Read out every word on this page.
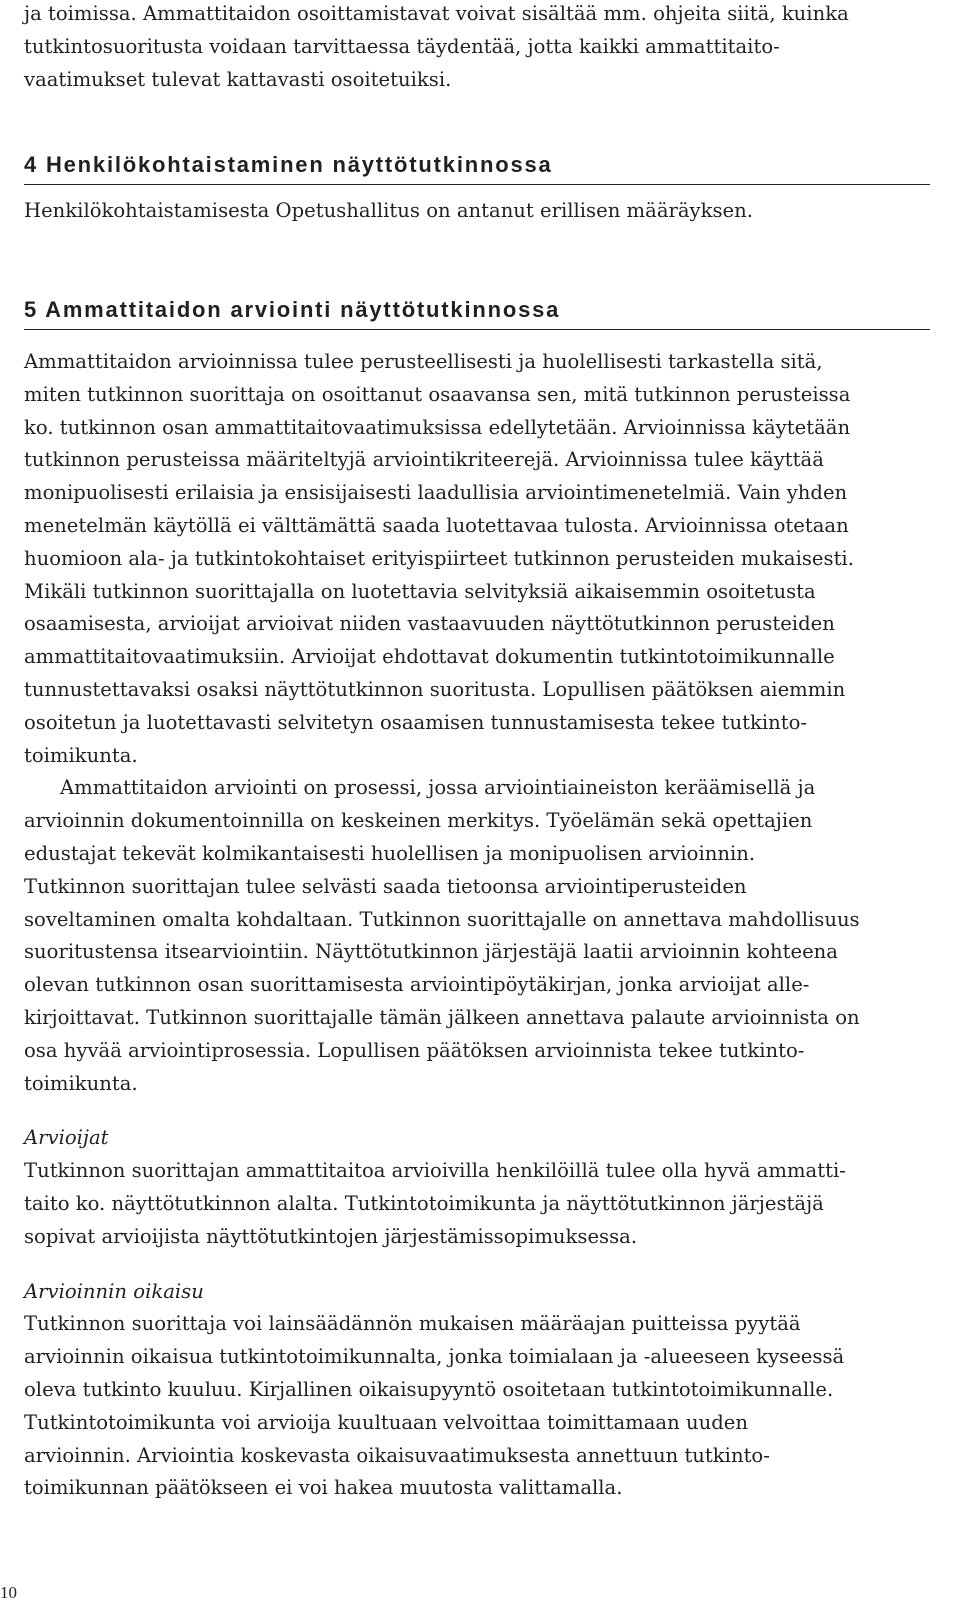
ja toimissa. Ammattitaidon osoittamistavat voivat sisältää mm. ohjeita siitä, kuinka

tutkintosuoritusta voidaan tarvittaessa täydentää, jotta kaikki ammattitaito-

vaatimukset tulevat kattavasti osoitetuiksi.

4 Henkilökohtaistaminen näyttötutkinnossa

Henkilökohtaistamisesta Opetushallitus on antanut erillisen määräyksen.

5 Ammattitaidon arviointi näyttötutkinnossa

Ammattitaidon arvioinnissa tulee perusteellisesti ja huolellisesti tarkastella sitä,

miten tutkinnon suorittaja on osoittanut osaavansa sen, mitä tutkinnon perusteissa

ko. tutkinnon osan ammattitaitovaatimuksissa edellytetään. Arvioinnissa käytetään

tutkinnon perusteissa määriteltyjä arviointikriteerejä. Arvioinnissa tulee käyttää

monipuolisesti erilaisia ja ensisijaisesti laadullisia arviointimenetelmiä. Vain yhden

menetelmän käytöllä ei välttämättä saada luotettavaa tulosta. Arvioinnissa otetaan

huomioon ala- ja tutkintokohtaiset erityispiirteet tutkinnon perusteiden mukaisesti.

Mikäli tutkinnon suorittajalla on luotettavia selvityksiä aikaisemmin osoitetusta

osaamisesta, arvioijat arvioivat niiden vastaavuuden näyttötutkinnon perusteiden

ammattitaitovaatimuksiin. Arvioijat ehdottavat dokumentin tutkintotoimikunnalle

tunnustettavaksi osaksi näyttötutkinnon suoritusta. Lopullisen päätöksen aiemmin

osoitetun ja luotettavasti selvitetyn osaamisen tunnustamisesta tekee tutkinto-

toimikunta.

Ammattitaidon arviointi on prosessi, jossa arviointiaineiston keräämisellä ja

arvioinnin dokumentoinnilla on keskeinen merkitys. Työelämän sekä opettajien

edustajat tekevät kolmikantaisesti huolellisen ja monipuolisen arvioinnin.

Tutkinnon suorittajan tulee selvästi saada tietoonsa arviointiperusteiden

soveltaminen omalta kohdaltaan. Tutkinnon suorittajalle on annettava mahdollisuus

suoritustensa itsearviointiin. Näyttötutkinnon järjestäjä laatii arvioinnin kohteena

olevan tutkinnon osan suorittamisesta arviointipöytäkirjan, jonka arvioijat alle-

kirjoittavat. Tutkinnon suorittajalle tämän jälkeen annettava palaute arvioinnista on

osa hyvää arviointiprosessia. Lopullisen päätöksen arvioinnista tekee tutkinto-

toimikunta.

Arvioijat

Tutkinnon suorittajan ammattitaitoa arvioivilla henkilöillä tulee olla hyvä ammatti-

taito ko. näyttötutkinnon alalta. Tutkintotoimikunta ja näyttötutkinnon järjestäjä

sopivat arvioijista näyttötutkintojen järjestämissopimuksessa.

Arvioinnin oikaisu

Tutkinnon suorittaja voi lainsäädännön mukaisen määräajan puitteissa pyytää

arvioinnin oikaisua tutkintotoimikunnalta, jonka toimialaan ja -alueeseen kyseessä

oleva tutkinto kuuluu. Kirjallinen oikaisupyyntö osoitetaan tutkintotoimikunnalle.

Tutkintotoimikunta voi arvioija kuultuaan velvoittaa toimittamaan uuden

arvioinnin. Arviointia koskevasta oikaisuvaatimuksesta annettuun tutkinto-

toimikunnan päätökseen ei voi hakea muutosta valittamalla.

10
